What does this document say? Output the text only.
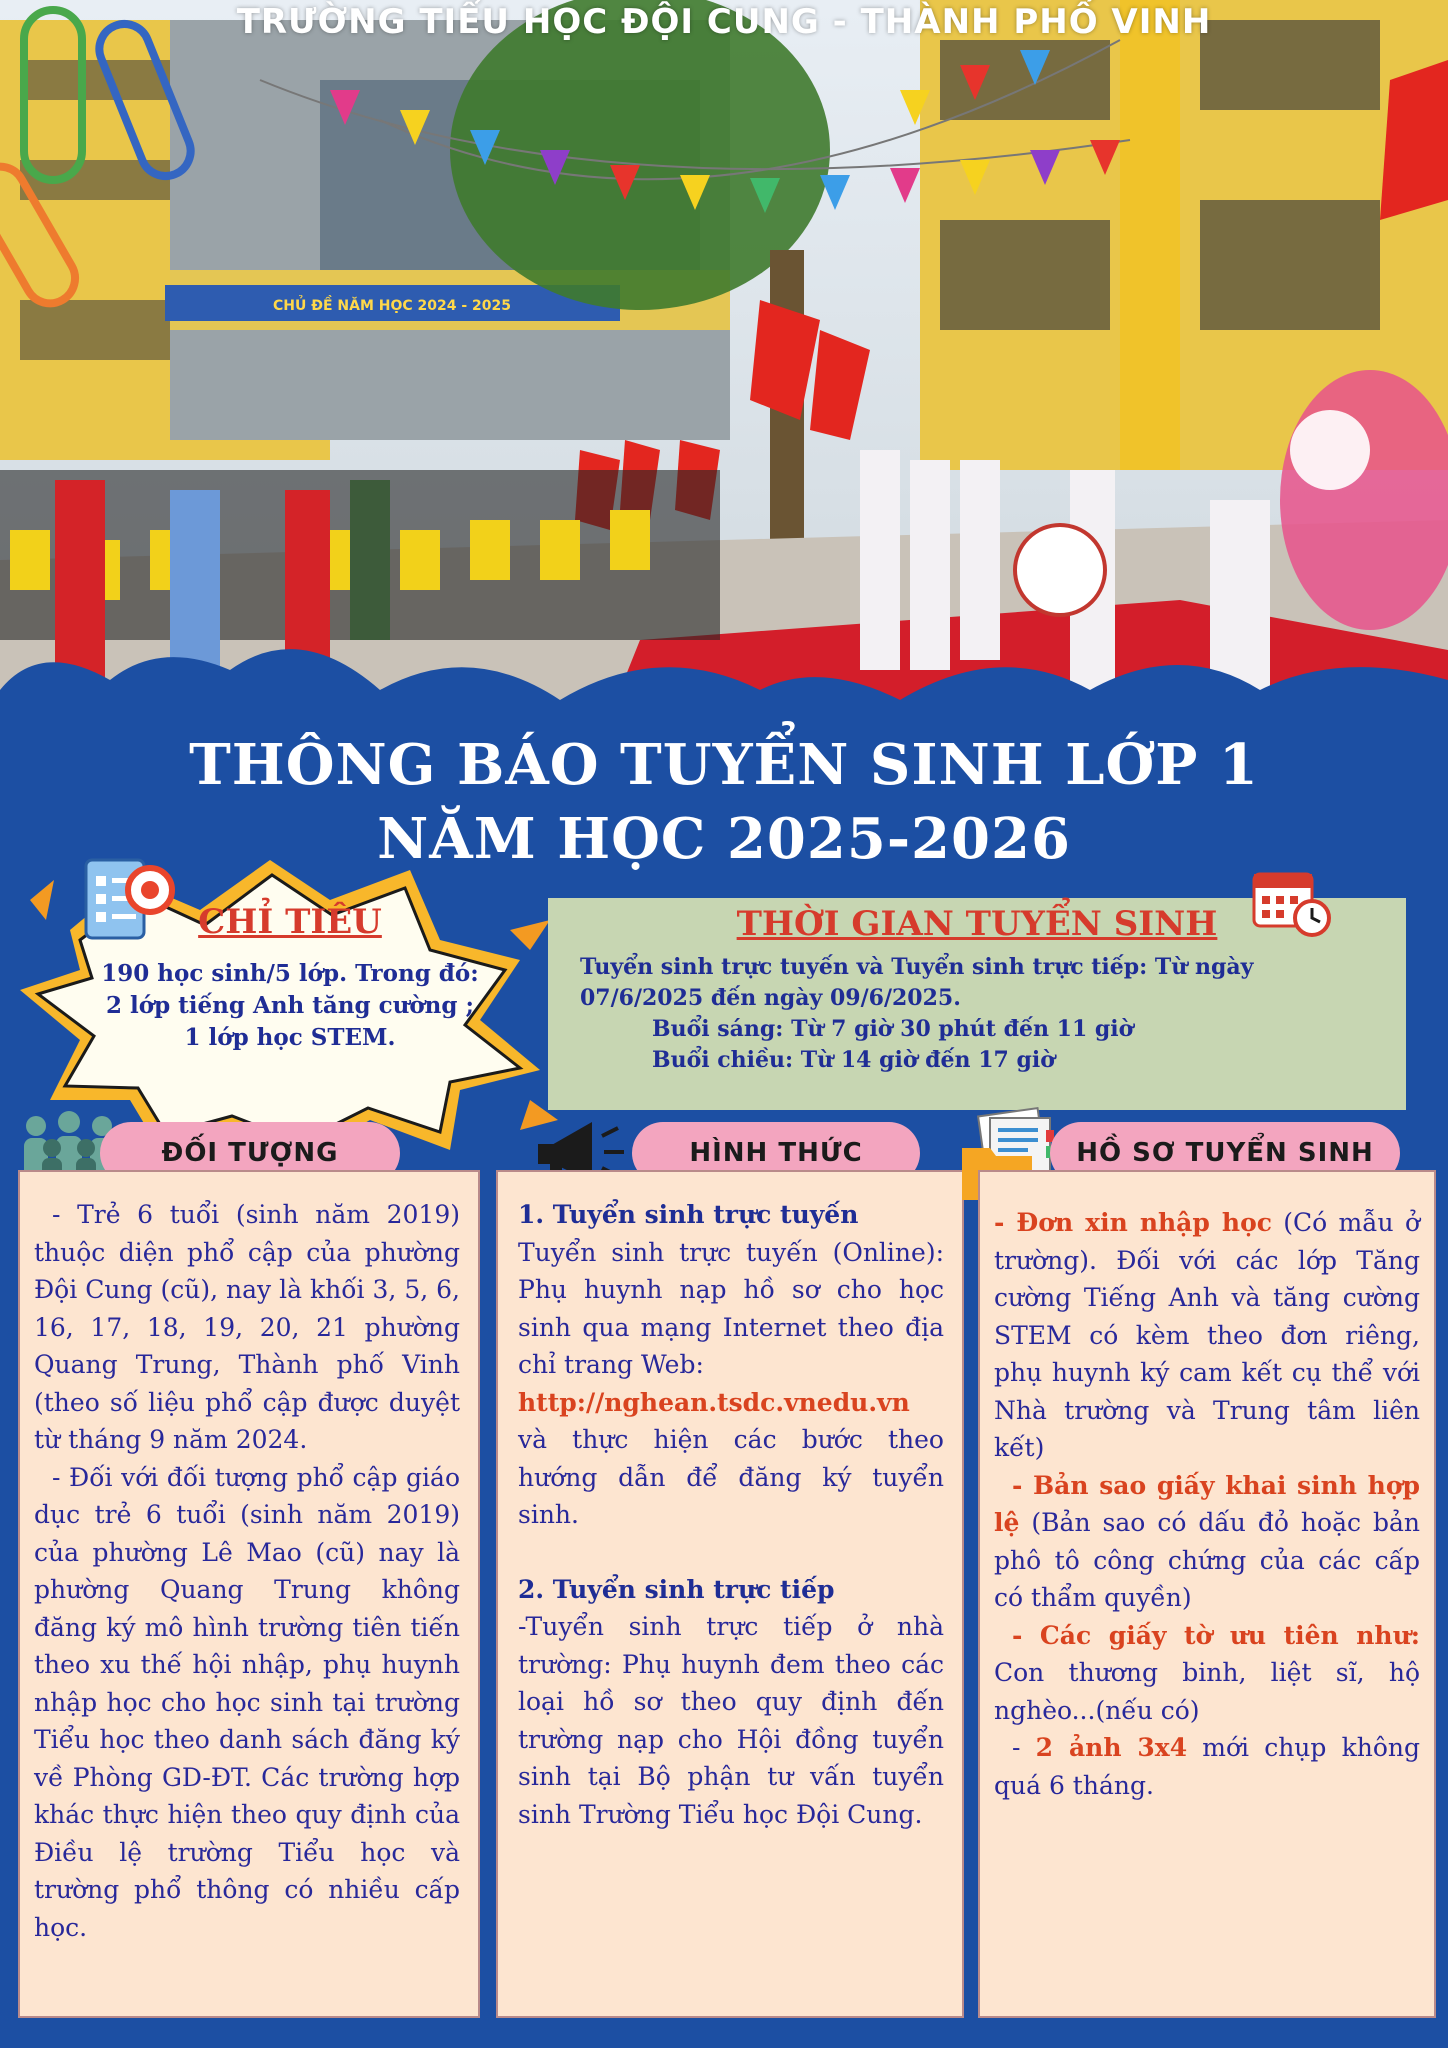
CHỦ ĐỀ NĂM HỌC 2024 - 2025
TRƯỜNG TIỂU HỌC ĐỘI CUNG - THÀNH PHỐ VINH
THÔNG BÁO TUYỂN SINH LỚP 1
NĂM HỌC 2025-2026
CHỈ TIÊU
190 học sinh/5 lớp. Trong đó:
2 lớp tiếng Anh tăng cường ;
1 lớp học STEM.
THỜI GIAN TUYỂN SINH
Tuyển sinh trực tuyến và Tuyển sinh trực tiếp: Từ ngày
07/6/2025 đến ngày 09/6/2025.
Buổi sáng: Từ 7 giờ 30 phút đến 11 giờ
Buổi chiều: Từ 14 giờ đến 17 giờ
ĐỐI TƯỢNG

- Trẻ 6 tuổi (sinh năm 2019) thuộc diện phổ cập của phường Đội Cung (cũ), nay là khối 3, 5, 6, 16, 17, 18, 19, 20, 21 phường Quang Trung, Thành phố Vinh (theo số liệu phổ cập được duyệt từ tháng 9 năm 2024.

- Đối với đối tượng phổ cập giáo dục trẻ 6 tuổi (sinh năm 2019) của phường Lê Mao (cũ) nay là phường Quang Trung không đăng ký mô hình trường tiên tiến theo xu thế hội nhập, phụ huynh nhập học cho học sinh tại trường Tiểu học theo danh sách đăng ký về Phòng GD-ĐT. Các trường hợp khác thực hiện theo quy định của Điều lệ trường Tiểu học và trường phổ thông có nhiều cấp học.

HÌNH THỨC

1. Tuyển sinh trực tuyến

Tuyển sinh trực tuyến (Online): Phụ huynh nạp hồ sơ cho học sinh qua mạng Internet theo địa chỉ trang Web:

http://nghean.tsdc.vnedu.vn

và thực hiện các bước theo hướng dẫn để đăng ký tuyển sinh.

2. Tuyển sinh trực tiếp

-Tuyển sinh trực tiếp ở nhà trường: Phụ huynh đem theo các loại hồ sơ theo quy định đến trường nạp cho Hội đồng tuyển sinh tại Bộ phận tư vấn tuyển sinh Trường Tiểu học Đội Cung.

HỒ SƠ TUYỂN SINH

- Đơn xin nhập học (Có mẫu ở trường). Đối với các lớp Tăng cường Tiếng Anh và tăng cường STEM có kèm theo đơn riêng, phụ huynh ký cam kết cụ thể với Nhà trường và Trung tâm liên kết)

- Bản sao giấy khai sinh hợp lệ (Bản sao có dấu đỏ hoặc bản phô tô công chứng của các cấp có thẩm quyền)

- Các giấy tờ ưu tiên như: Con thương binh, liệt sĩ, hộ nghèo...(nếu có)

- 2 ảnh 3x4 mới chụp không quá 6 tháng.
